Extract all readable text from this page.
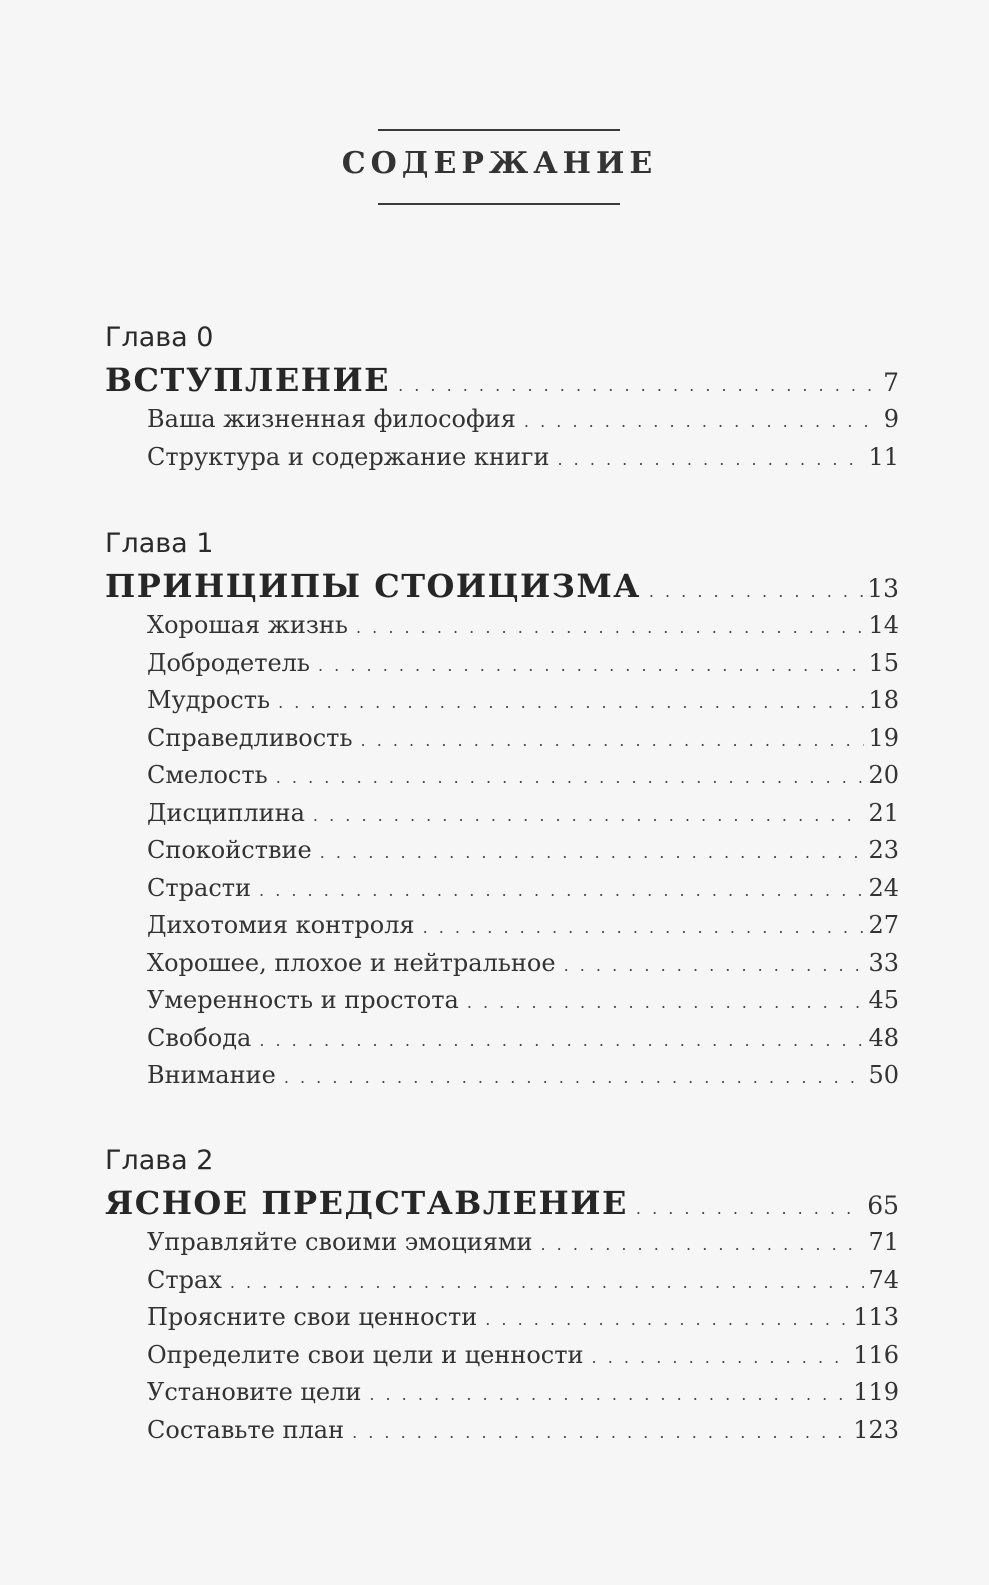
СОДЕРЖАНИЕ
Глава 0
ВСТУПЛЕНИЕ . . .	7
Ваша жизненная философия . . .	9
Структура и содержание книги . . .	11
Глава 1
ПРИНЦИПЫ СТОИЦИЗМА . . .	13
Хорошая жизнь . . .	14
Добродетель . . .	15
Мудрость . . .	18
Справедливость . . .	19
Смелость . . .	20
Дисциплина . . .	21
Спокойствие . . .	23
Страсти . . .	24
Дихотомия контроля . . .	27
Хорошее, плохое и нейтральное . . .	33
Умеренность и простота . . .	45
Свобода . . .	48
Внимание . . .	50
Глава 2
ЯСНОЕ ПРЕДСТАВЛЕНИЕ . . .	65
Управляйте своими эмоциями . . .	71
Страх . . .	74
Проясните свои ценности . . .	113
Определите свои цели и ценности . . .	116
Установите цели . . .	119
Составьте план . . .	123
